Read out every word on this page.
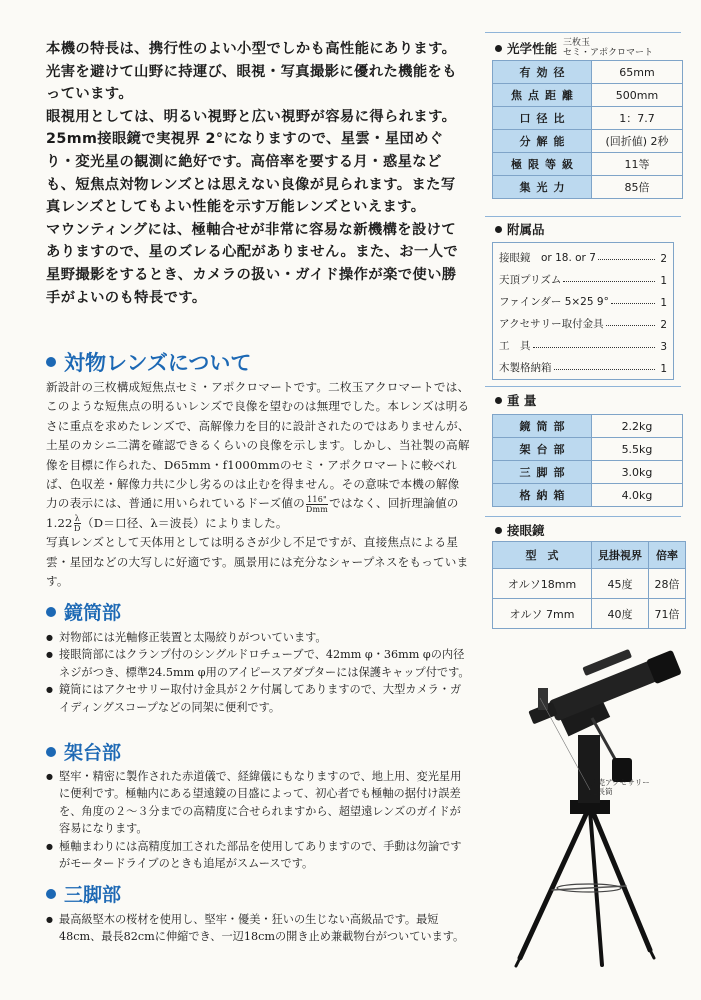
本機の特長は、携行性のよい小型でしかも高性能にあります。光害を避けて山野に持運び、眼視・写真撮影に優れた機能をもっています。

眼視用としては、明るい視野と広い視野が容易に得られます。25mm接眼鏡で実視界 2°になりますので、星雲・星団めぐり・変光星の観測に絶好です。高倍率を要する月・惑星なども、短焦点対物レンズとは思えない良像が見られます。また写真レンズとしてもよい性能を示す万能レンズといえます。

マウンティングには、極軸合せが非常に容易な新機構を設けてありますので、星のズレる心配がありません。また、お一人で星野撮影をするとき、カメラの扱い・ガイド操作が楽で使い勝手がよいのも特長です。

対物レンズについて

新設計の三枚構成短焦点セミ・アポクロマートです。二枚玉アクロマートでは、このような短焦点の明るいレンズで良像を望むのは無理でした。本レンズは明るさに重点を求めたレンズで、高解像力を目的に設計されたのではありませんが、土星のカシニ二溝を確認できるくらいの良像を示します。しかし、当社製の高解像を目標に作られた、D65mm・f1000mmのセミ・アポクロマートに較べれば、色収差・解像力共に少し劣るのは止むを得ません。その意味で本機の解像力の表示には、普通に用いられているドーズ値の $\frac{116"}{\text{Dmm}}$ ではなく、回折理論値の$1.22 \frac{\lambda}{D} (D=$口径、λ＝波長）によりました。

写真レンズとして天体用としては明るさが少し不足ですが、直接焦点による星雲・星団などの大写しに好適です。風景用には充分なシャープネスをもっています。

鏡筒部
● 対物部には光軸修正装置と太陽絞りがついています。
● 接眼筒部にはクランプ付のシングルドロチューブで、42mm φ・36mm φの内径ネジがつき、標準24.5mm φ用のアイピースアダプターには保護キャップ付です。
● 鏡筒にはアクセサリー取付け金具が２ケ付属してありますので、大型カメラ・ガイディングスコープなどの同架に便利です。
架台部
● 堅牢・精密に製作された赤道儀で、経緯儀にもなりますので、地上用、変光星用に便利です。極軸内にある望遠鏡の目盛によって、初心者でも極軸の据付け誤差を、角度の２～３分までの高精度に合せられますから、超望遠レンズのガイドが容易になります。
● 極軸まわりには高精度加工された部品を使用してありますので、手動は勿論ですがモータードライブのときも追尾がスムースです。
三脚部
● 最高級堅木の桜材を使用し、堅牢・優美・狂いの生じない高級品です。最短48cm、最長82cmに伸縮でき、一辺18cmの開き止め兼載物台がついています。
光学性能 三枚玉
セミ・アポクロマート
有効径	65mm
焦点距離	500mm
口径比	1：7.7
分解能	(回折値) 2秒
極限等級	11等
集光力	85倍
附属品
接眼鏡　or 18. or 7	2
天頂プリズム	1
ファインダー 5×25 9°	1
アクセサリー取付金具	2
工　具	3
木製格納箱	1
重 量
鏡筒部	2.2kg
架台部	5.5kg
三脚部	3.0kg
格納箱	4.0kg
接眼鏡
型　式	見掛視界	倍率
オルソ18mm	45度	28倍
オルソ 7mm	40度	71倍
別売アクセサリー
延長筒
